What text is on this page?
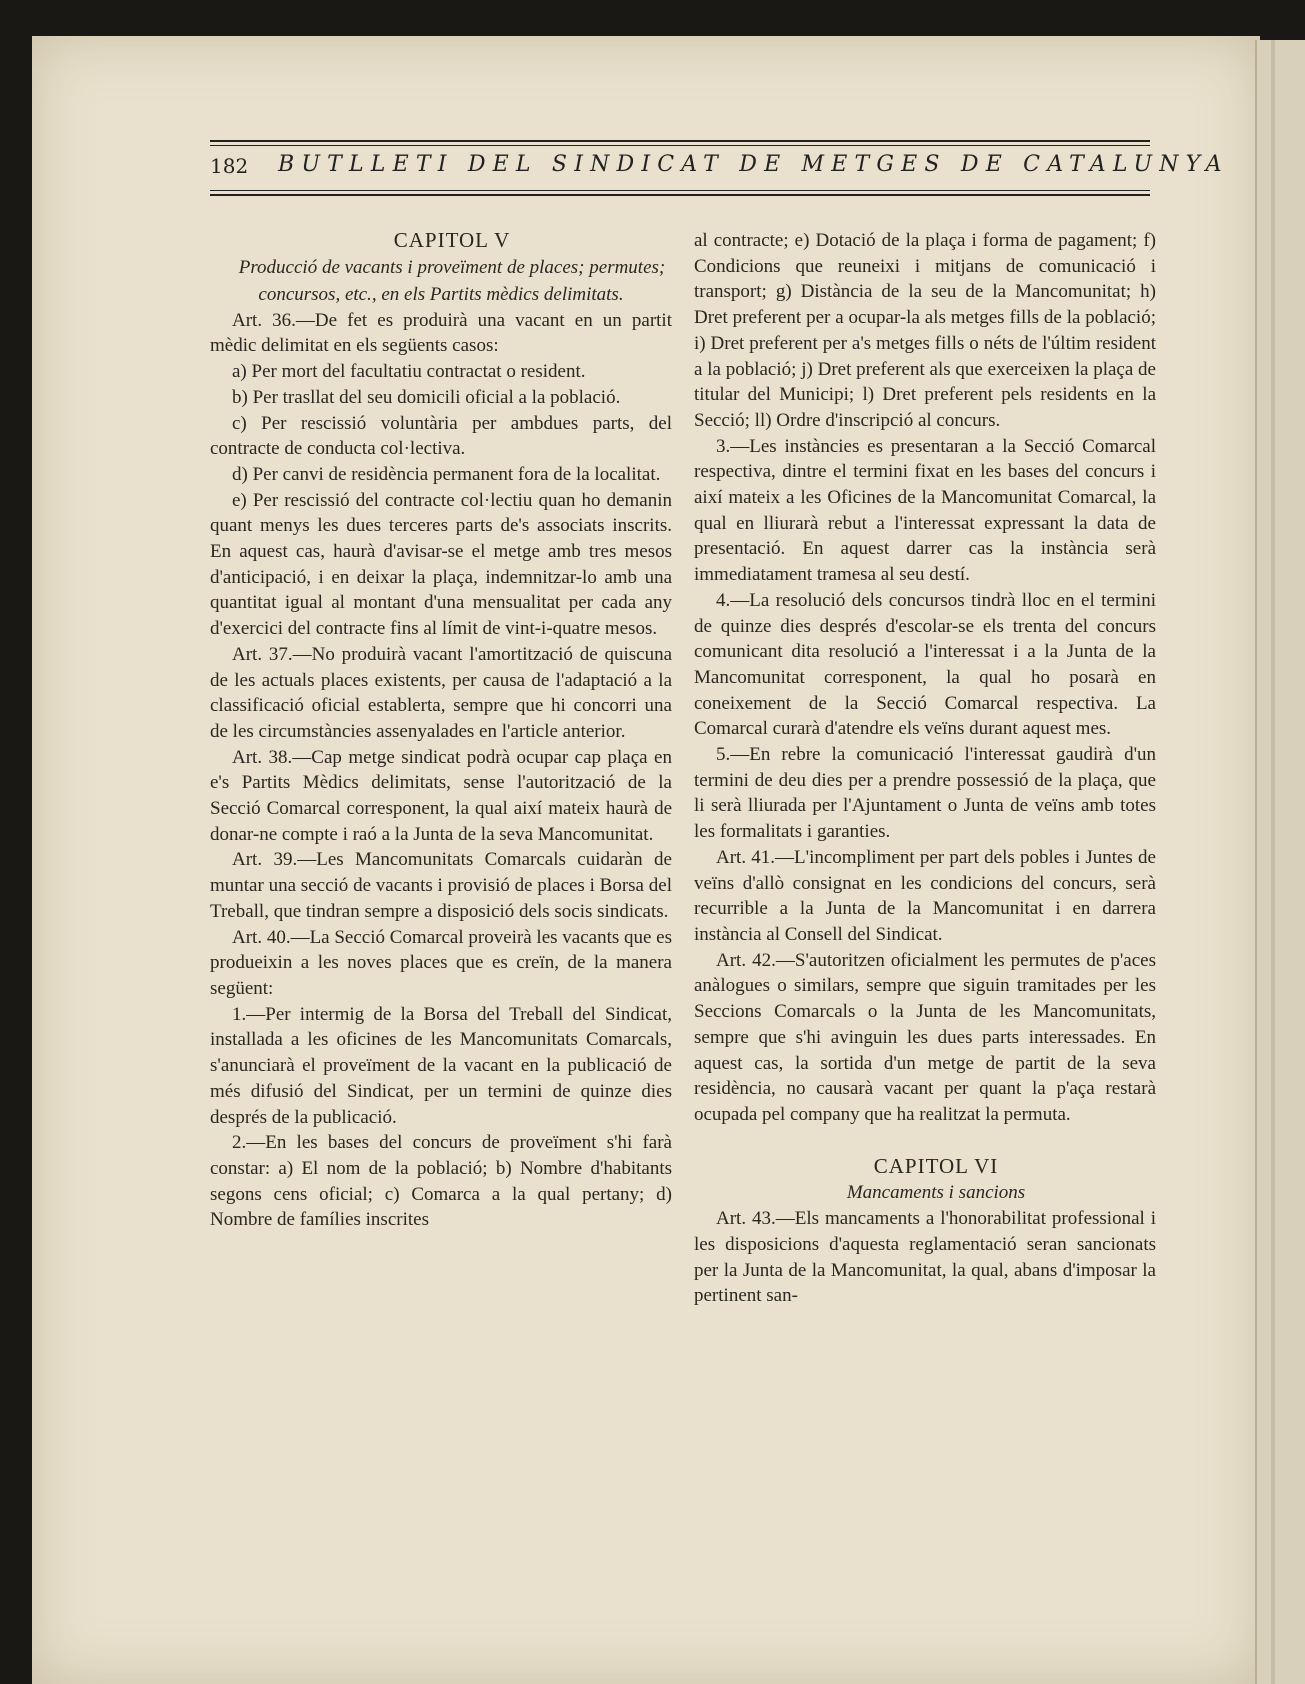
182 BUTLLETI DEL SINDICAT DE METGES DE CATALUNYA

CAPITOL V

Producció de vacants i proveïment de places; permutes; concursos, etc., en els Partits mèdics delimitats.

Art. 36.—De fet es produirà una vacant en un partit mèdic delimitat en els següents casos:

a) Per mort del facultatiu contractat o resident.

b) Per trasllat del seu domicili oficial a la població.

c) Per rescissió voluntària per ambdues parts, del contracte de conducta col·lectiva.

d) Per canvi de residència permanent fora de la localitat.

e) Per rescissió del contracte col·lectiu quan ho demanin quant menys les dues terceres parts de's associats inscrits. En aquest cas, haurà d'avisar-se el metge amb tres mesos d'anticipació, i en deixar la plaça, indemnitzar-lo amb una quantitat igual al montant d'una mensualitat per cada any d'exercici del contracte fins al límit de vint-i-quatre mesos.

Art. 37.—No produirà vacant l'amortització de quiscuna de les actuals places existents, per causa de l'adaptació a la classificació oficial establerta, sempre que hi concorri una de les circumstàncies assenyalades en l'article anterior.

Art. 38.—Cap metge sindicat podrà ocupar cap plaça en e's Partits Mèdics delimitats, sense l'autorització de la Secció Comarcal corresponent, la qual així mateix haurà de donar-ne compte i raó a la Junta de la seva Mancomunitat.

Art. 39.—Les Mancomunitats Comarcals cuidaràn de muntar una secció de vacants i provisió de places i Borsa del Treball, que tindran sempre a disposició dels socis sindicats.

Art. 40.—La Secció Comarcal proveirà les vacants que es produeixin a les noves places que es creïn, de la manera següent:

1.—Per intermig de la Borsa del Treball del Sindicat, installada a les oficines de les Mancomunitats Comarcals, s'anunciarà el proveïment de la vacant en la publicació de més difusió del Sindicat, per un termini de quinze dies després de la publicació.

2.—En les bases del concurs de proveïment s'hi farà constar: a) El nom de la població; b) Nombre d'habitants segons cens oficial; c) Comarca a la qual pertany; d) Nombre de famílies inscrites

al contracte; e) Dotació de la plaça i forma de pagament; f) Condicions que reuneixi i mitjans de comunicació i transport; g) Distància de la seu de la Mancomunitat; h) Dret preferent per a ocupar-la als metges fills de la població; i) Dret preferent per a's metges fills o néts de l'últim resident a la població; j) Dret preferent als que exerceixen la plaça de titular del Municipi; l) Dret preferent pels residents en la Secció; ll) Ordre d'inscripció al concurs.

3.—Les instàncies es presentaran a la Secció Comarcal respectiva, dintre el termini fixat en les bases del concurs i així mateix a les Oficines de la Mancomunitat Comarcal, la qual en lliurarà rebut a l'interessat expressant la data de presentació. En aquest darrer cas la instància serà immediatament tramesa al seu destí.

4.—La resolució dels concursos tindrà lloc en el termini de quinze dies després d'escolar-se els trenta del concurs comunicant dita resolució a l'interessat i a la Junta de la Mancomunitat corresponent, la qual ho posarà en coneixement de la Secció Comarcal respectiva. La Comarcal curarà d'atendre els veïns durant aquest mes.

5.—En rebre la comunicació l'interessat gaudirà d'un termini de deu dies per a prendre possessió de la plaça, que li serà lliurada per l'Ajuntament o Junta de veïns amb totes les formalitats i garanties.

Art. 41.—L'incompliment per part dels pobles i Juntes de veïns d'allò consignat en les condicions del concurs, serà recurrible a la Junta de la Mancomunitat i en darrera instància al Consell del Sindicat.

Art. 42.—S'autoritzen oficialment les permutes de p'aces anàlogues o similars, sempre que siguin tramitades per les Seccions Comarcals o la Junta de les Mancomunitats, sempre que s'hi avinguin les dues parts interessades. En aquest cas, la sortida d'un metge de partit de la seva residència, no causarà vacant per quant la p'aça restarà ocupada pel company que ha realitzat la permuta.

CAPITOL VI

Mancaments i sancions

Art. 43.—Els mancaments a l'honorabilitat professional i les disposicions d'aquesta reglamentació seran sancionats per la Junta de la Mancomunitat, la qual, abans d'imposar la pertinent san-
